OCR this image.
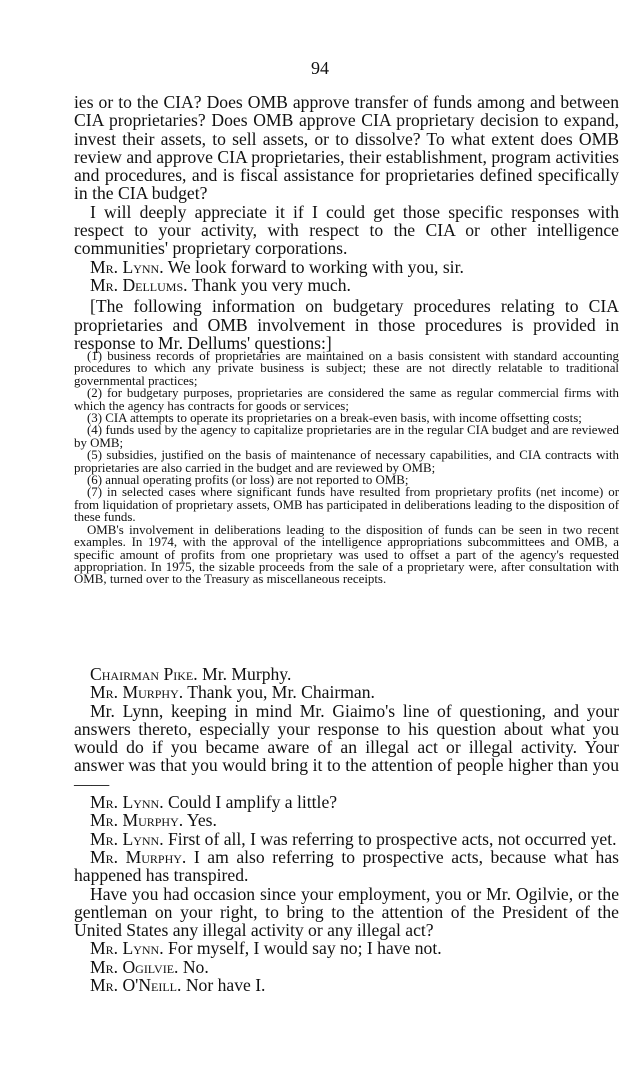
94

ies or to the CIA? Does OMB approve transfer of funds among and between CIA proprietaries? Does OMB approve CIA proprietary decision to expand, invest their assets, to sell assets, or to dissolve? To what extent does OMB review and approve CIA proprietaries, their establishment, program activities and procedures, and is fiscal assistance for proprietaries defined specifically in the CIA budget?

I will deeply appreciate it if I could get those specific responses with respect to your activity, with respect to the CIA or other intelligence communities' proprietary corporations.

Mr. Lynn. We look forward to working with you, sir.

Mr. Dellums. Thank you very much.

[The following information on budgetary procedures relating to CIA proprietaries and OMB involvement in those procedures is provided in response to Mr. Dellums' questions:]

(1) business records of proprietaries are maintained on a basis consistent with standard accounting procedures to which any private business is subject; these are not directly relatable to traditional governmental practices;

(2) for budgetary purposes, proprietaries are considered the same as regular commercial firms with which the agency has contracts for goods or services;

(3) CIA attempts to operate its proprietaries on a break-even basis, with income offsetting costs;

(4) funds used by the agency to capitalize proprietaries are in the regular CIA budget and are reviewed by OMB;

(5) subsidies, justified on the basis of maintenance of necessary capabilities, and CIA contracts with proprietaries are also carried in the budget and are reviewed by OMB;

(6) annual operating profits (or loss) are not reported to OMB;

(7) in selected cases where significant funds have resulted from proprietary profits (net income) or from liquidation of proprietary assets, OMB has participated in deliberations leading to the disposition of these funds.

OMB's involvement in deliberations leading to the disposition of funds can be seen in two recent examples. In 1974, with the approval of the intelligence appropriations subcommittees and OMB, a specific amount of profits from one proprietary was used to offset a part of the agency's requested appropriation. In 1975, the sizable proceeds from the sale of a proprietary were, after consultation with OMB, turned over to the Treasury as miscellaneous receipts.

Chairman Pike. Mr. Murphy.

Mr. Murphy. Thank you, Mr. Chairman.

Mr. Lynn, keeping in mind Mr. Giaimo's line of questioning, and your answers thereto, especially your response to his question about what you would do if you became aware of an illegal act or illegal activity. Your answer was that you would bring it to the attention of people higher than you——

Mr. Lynn. Could I amplify a little?

Mr. Murphy. Yes.

Mr. Lynn. First of all, I was referring to prospective acts, not occurred yet.

Mr. Murphy. I am also referring to prospective acts, because what has happened has transpired.

Have you had occasion since your employment, you or Mr. Ogilvie, or the gentleman on your right, to bring to the attention of the President of the United States any illegal activity or any illegal act?

Mr. Lynn. For myself, I would say no; I have not.

Mr. Ogilvie. No.

Mr. O'Neill. Nor have I.
